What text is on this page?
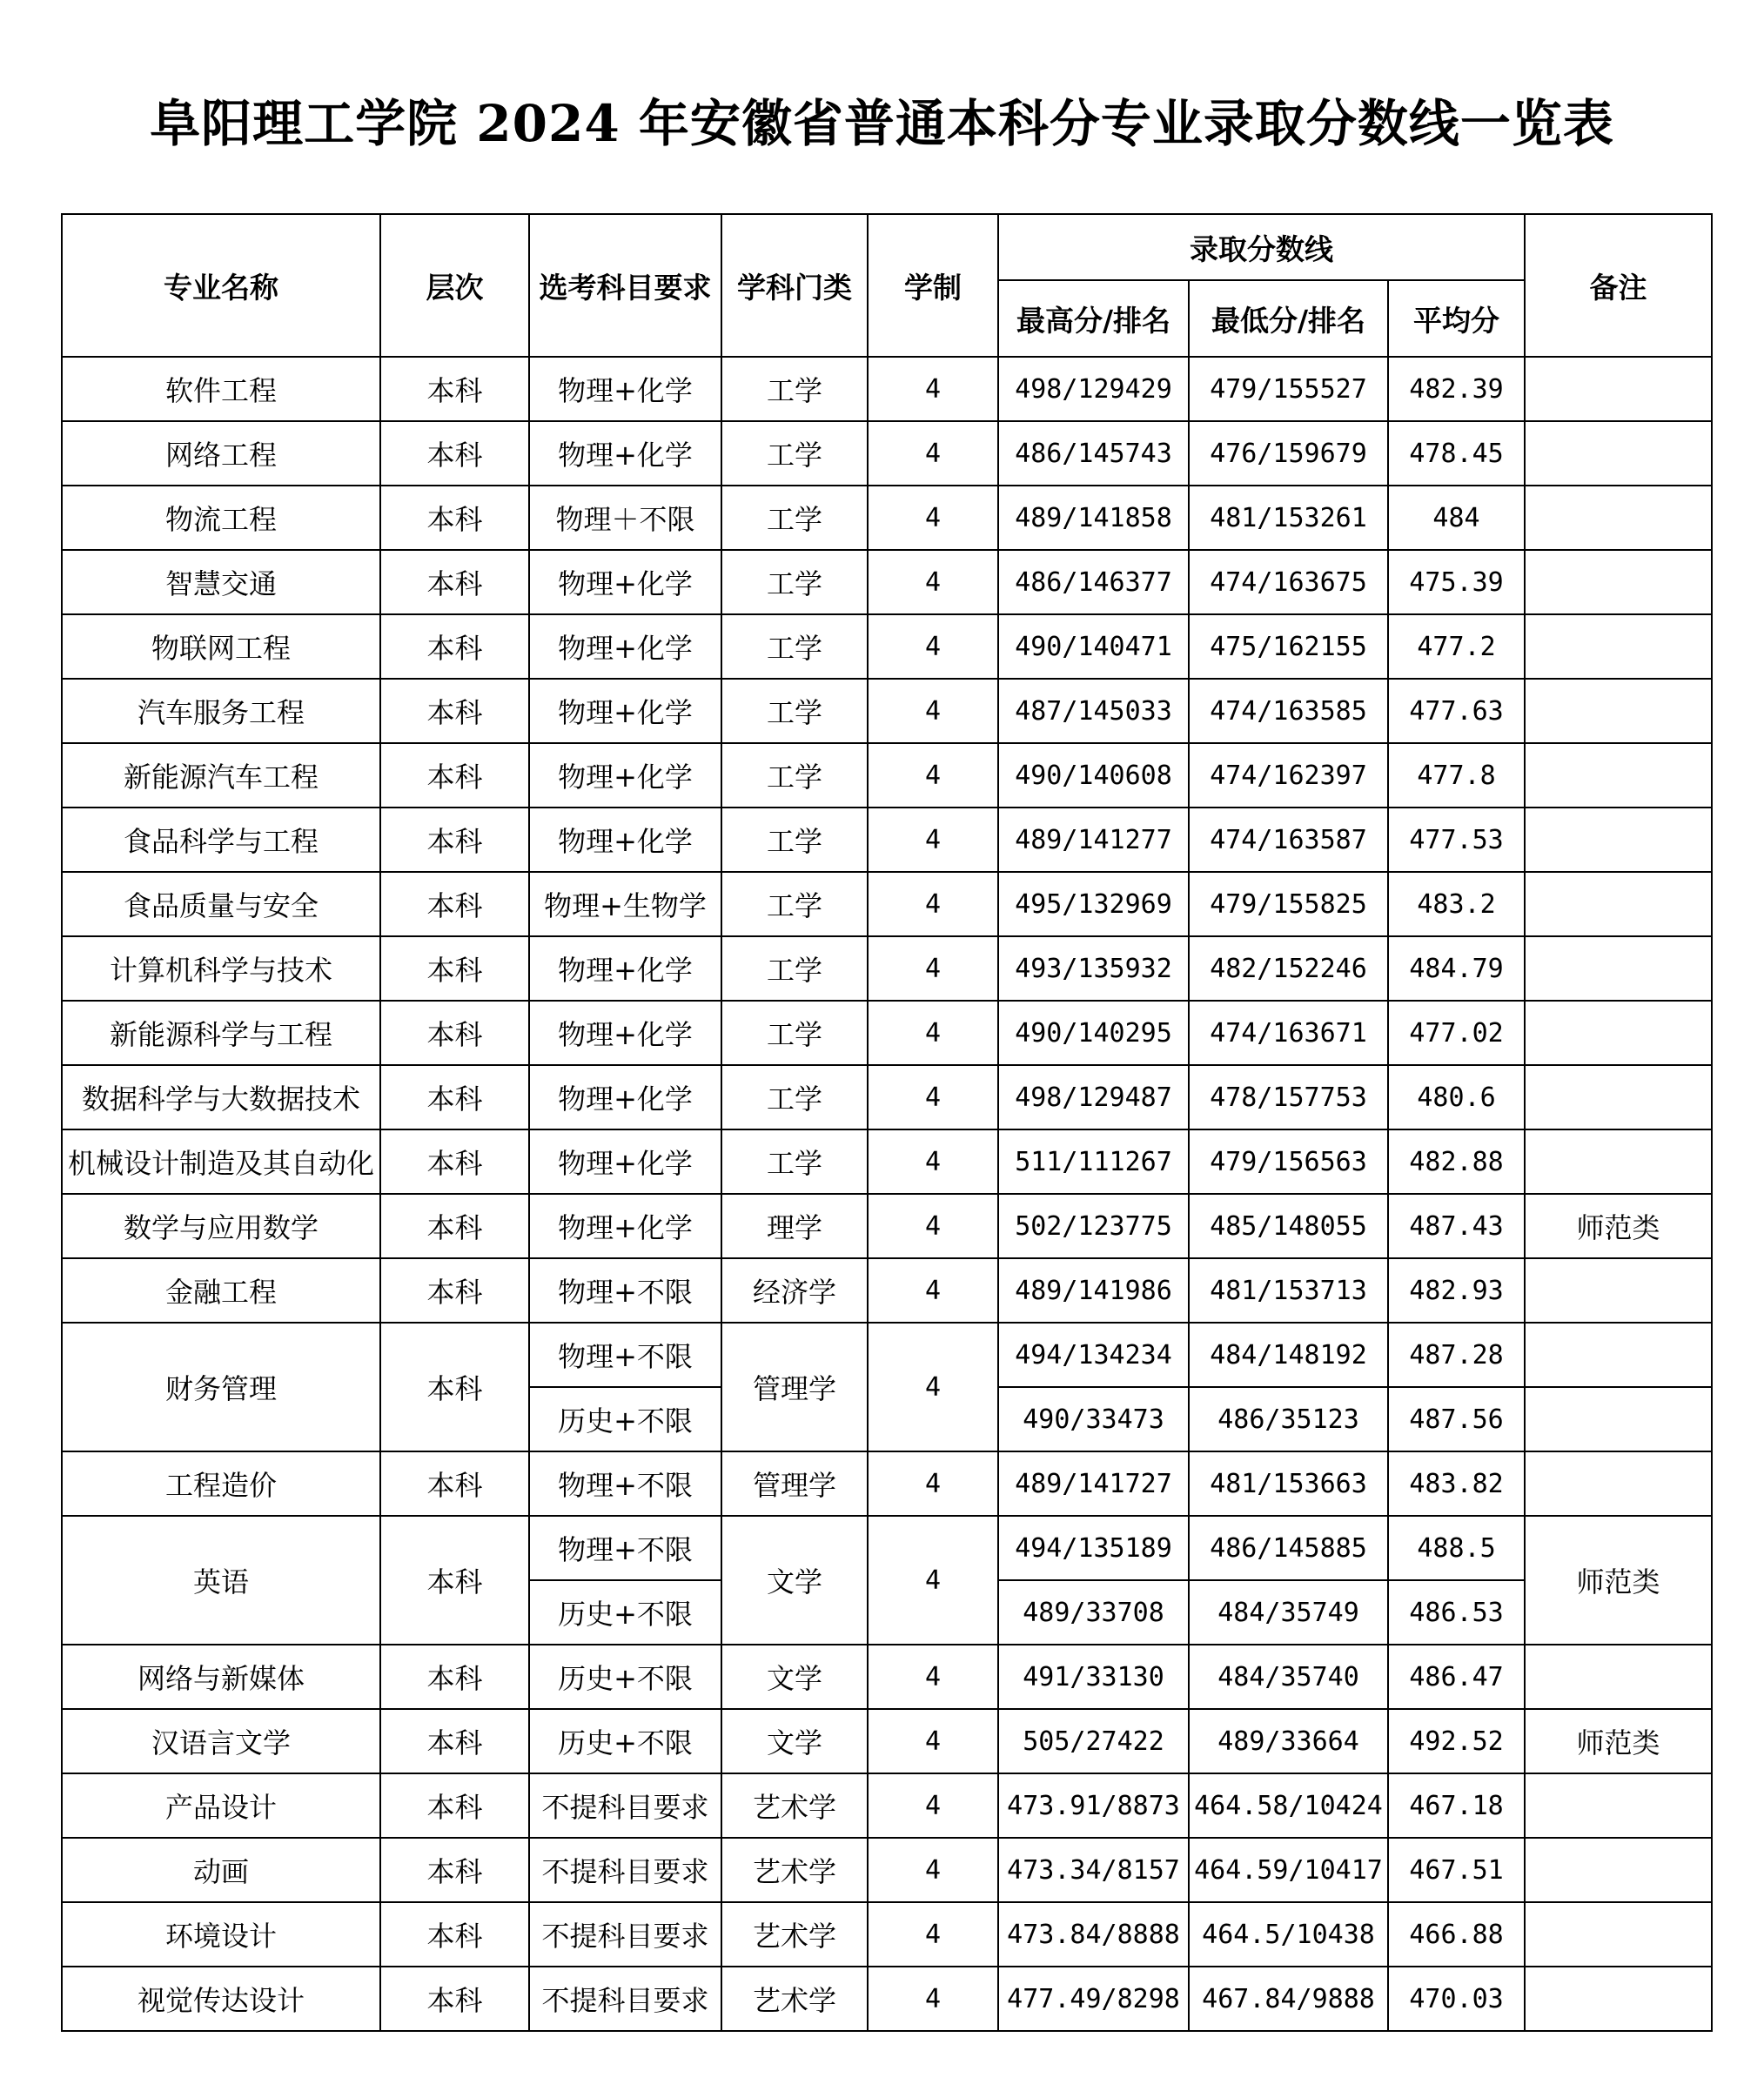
阜阳理工学院 2024 年安徽省普通本科分专业录取分数线一览表
专业名称	层次	选考科目要求	学科门类	学制	录取分数线			备注
					最高分/排名	最低分/排名	平均分	
软件工程	本科	物理+化学	工学	4	498/129429	479/155527	482.39	
网络工程	本科	物理+化学	工学	4	486/145743	476/159679	478.45	
物流工程	本科	物理＋不限	工学	4	489/141858	481/153261	484	
智慧交通	本科	物理+化学	工学	4	486/146377	474/163675	475.39	
物联网工程	本科	物理+化学	工学	4	490/140471	475/162155	477.2	
汽车服务工程	本科	物理+化学	工学	4	487/145033	474/163585	477.63	
新能源汽车工程	本科	物理+化学	工学	4	490/140608	474/162397	477.8	
食品科学与工程	本科	物理+化学	工学	4	489/141277	474/163587	477.53	
食品质量与安全	本科	物理+生物学	工学	4	495/132969	479/155825	483.2	
计算机科学与技术	本科	物理+化学	工学	4	493/135932	482/152246	484.79	
新能源科学与工程	本科	物理+化学	工学	4	490/140295	474/163671	477.02	
数据科学与大数据技术	本科	物理+化学	工学	4	498/129487	478/157753	480.6	
机械设计制造及其自动化	本科	物理+化学	工学	4	511/111267	479/156563	482.88	
数学与应用数学	本科	物理+化学	理学	4	502/123775	485/148055	487.43	师范类
金融工程	本科	物理+不限	经济学	4	489/141986	481/153713	482.93	
财务管理	本科	物理+不限	管理学	4	494/134234	484/148192	487.28	
		历史+不限			490/33473	486/35123	487.56	
工程造价	本科	物理+不限	管理学	4	489/141727	481/153663	483.82	
英语	本科	物理+不限	文学	4	494/135189	486/145885	488.5	师范类
		历史+不限			489/33708	484/35749	486.53	
网络与新媒体	本科	历史+不限	文学	4	491/33130	484/35740	486.47	
汉语言文学	本科	历史+不限	文学	4	505/27422	489/33664	492.52	师范类
产品设计	本科	不提科目要求	艺术学	4	473.91/8873	464.58/10424	467.18	
动画	本科	不提科目要求	艺术学	4	473.34/8157	464.59/10417	467.51	
环境设计	本科	不提科目要求	艺术学	4	473.84/8888	464.5/10438	466.88	
视觉传达设计	本科	不提科目要求	艺术学	4	477.49/8298	467.84/9888	470.03	
